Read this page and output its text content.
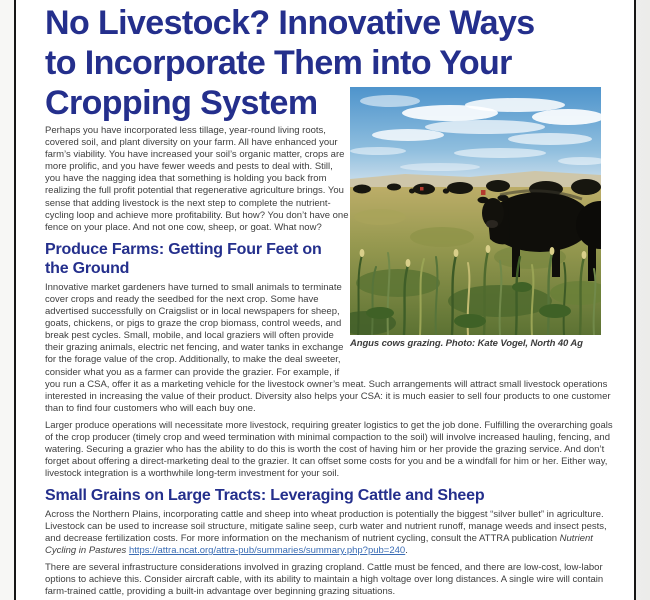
No Livestock? Innovative Ways
to Incorporate Them into Your
Cropping System

Perhaps you have incorporated less tillage, year-round living roots, covered soil, and plant diversity on your farm. All have enhanced your farm’s viability. You have increased your soil’s organic matter, crops are more prolific, and you have fewer weeds and pests to deal with. Still, you have the nagging idea that something is holding you back from realizing the full profit potential that regenerative agriculture brings. You sense that adding livestock is the next step to complete the nutrient-cycling loop and achieve more profitability. But how? You don’t have one fence on your place. And not one cow, sheep, or goat. What now?

Produce Farms: Getting Four Feet on the Ground

Innovative market gardeners have turned to small animals to terminate cover crops and ready the seedbed for the next crop. Some have advertised successfully on Craigslist or in local newspapers for sheep, goats, chickens, or pigs to graze the crop biomass, control weeds, and break pest cycles. Small, mobile, and local graziers will often provide their grazing animals, electric net fencing, and water tanks in exchange for the forage value of the crop. Additionally, to make the deal sweeter, consider what you as a farmer can provide the grazier. For example, if you run a CSA, offer it as a marketing vehicle for the livestock owner’s meat. Such arrangements will attract small livestock operations interested in increasing the value of their product. Diversity also helps your CSA: it is much easier to sell four products to one customer than to find four customers who will each buy one.

Larger produce operations will necessitate more livestock, requiring greater logistics to get the job done. Fulfilling the overarching goals of the crop producer (timely crop and weed termination with minimal compaction to the soil) will involve increased hauling, fencing, and watering. Securing a grazier who has the ability to do this is worth the cost of having him or her provide the grazing service. And don’t forget about offering a direct-marketing deal to the grazier. It can offset some costs for you and be a windfall for him or her. Either way, livestock integration is a worthwhile long-term investment for your soil.

Small Grains on Large Tracts: Leveraging Cattle and Sheep

Across the Northern Plains, incorporating cattle and sheep into wheat production is potentially the biggest “silver bullet” in agriculture. Livestock can be used to increase soil structure, mitigate saline seep, curb water and nutrient runoff, manage weeds and insect pests, and decrease fertilization costs. For more information on the mechanism of nutrient cycling, consult the ATTRA publication Nutrient Cycling in Pastures https://attra.ncat.org/attra-pub/summaries/summary.php?pub=240.

There are several infrastructure considerations involved in grazing cropland. Cattle must be fenced, and there are low-cost, low-labor options to achieve this. Consider aircraft cable, with its ability to maintain a high voltage over long distances. A single wire will contain farm-trained cattle, providing a built-in advantage over beginning grazing situations.

Angus cows grazing. Photo: Kate Vogel, North 40 Ag
